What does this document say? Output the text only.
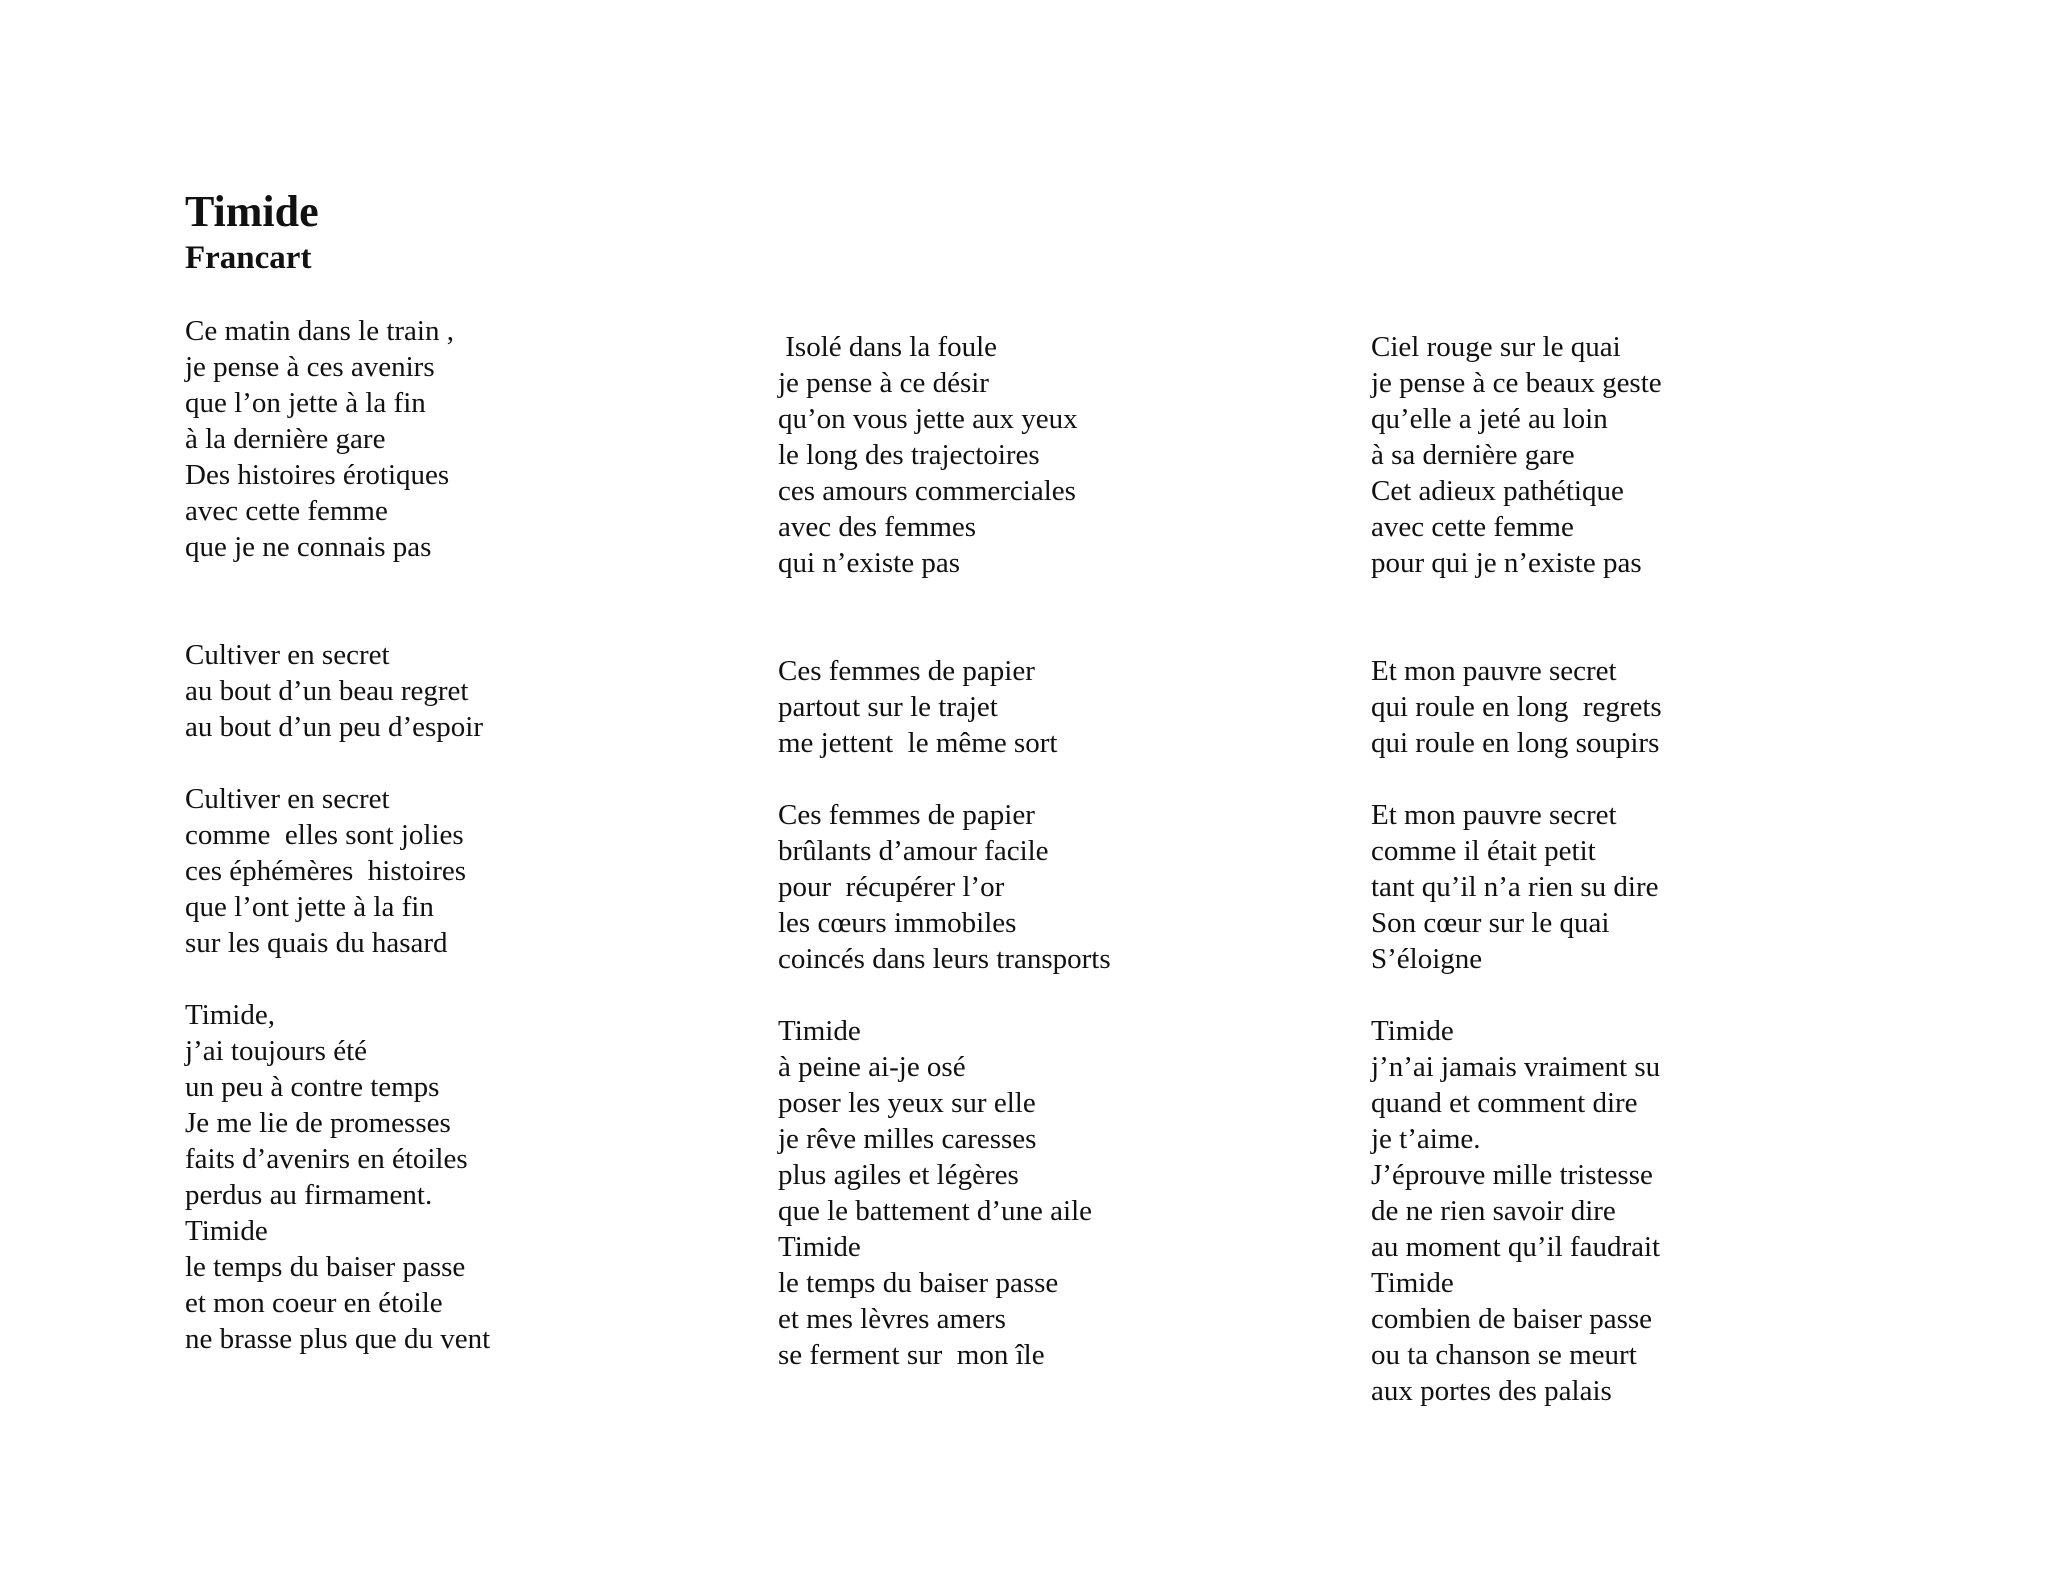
Timide
Francart
Ce matin dans le train ,
je pense à ces avenirs
que l’on jette à la fin
à la dernière gare
Des histoires érotiques
avec cette femme
que je ne connais pas
Cultiver en secret
au bout d’un beau regret
au bout d’un peu d’espoir
Cultiver en secret
comme  elles sont jolies
ces éphémères  histoires
que l’ont jette à la fin
sur les quais du hasard
Timide,
j’ai toujours été
un peu à contre temps
Je me lie de promesses
faits d’avenirs en étoiles
perdus au firmament.
Timide
le temps du baiser passe
et mon coeur en étoile
ne brasse plus que du vent
Isolé dans la foule
je pense à ce désir
qu’on vous jette aux yeux
le long des trajectoires
ces amours commerciales
avec des femmes
qui n’existe pas
Ces femmes de papier
partout sur le trajet
me jettent  le même sort
Ces femmes de papier
brûlants d’amour facile
pour  récupérer l’or
les cœurs immobiles
coincés dans leurs transports
Timide
à peine ai-je osé
poser les yeux sur elle
je rêve milles caresses
plus agiles et légères
que le battement d’une aile
Timide
le temps du baiser passe
et mes lèvres amers
se ferment sur  mon île
Ciel rouge sur le quai
je pense à ce beaux geste
qu’elle a jeté au loin
à sa dernière gare
Cet adieux pathétique
avec cette femme
pour qui je n’existe pas
Et mon pauvre secret
qui roule en long  regrets
qui roule en long soupirs
Et mon pauvre secret
comme il était petit
tant qu’il n’a rien su dire
Son cœur sur le quai
S’éloigne
Timide
j’n’ai jamais vraiment su
quand et comment dire
je t’aime.
J’éprouve mille tristesse
de ne rien savoir dire
au moment qu’il faudrait
Timide
combien de baiser passe
ou ta chanson se meurt
aux portes des palais
